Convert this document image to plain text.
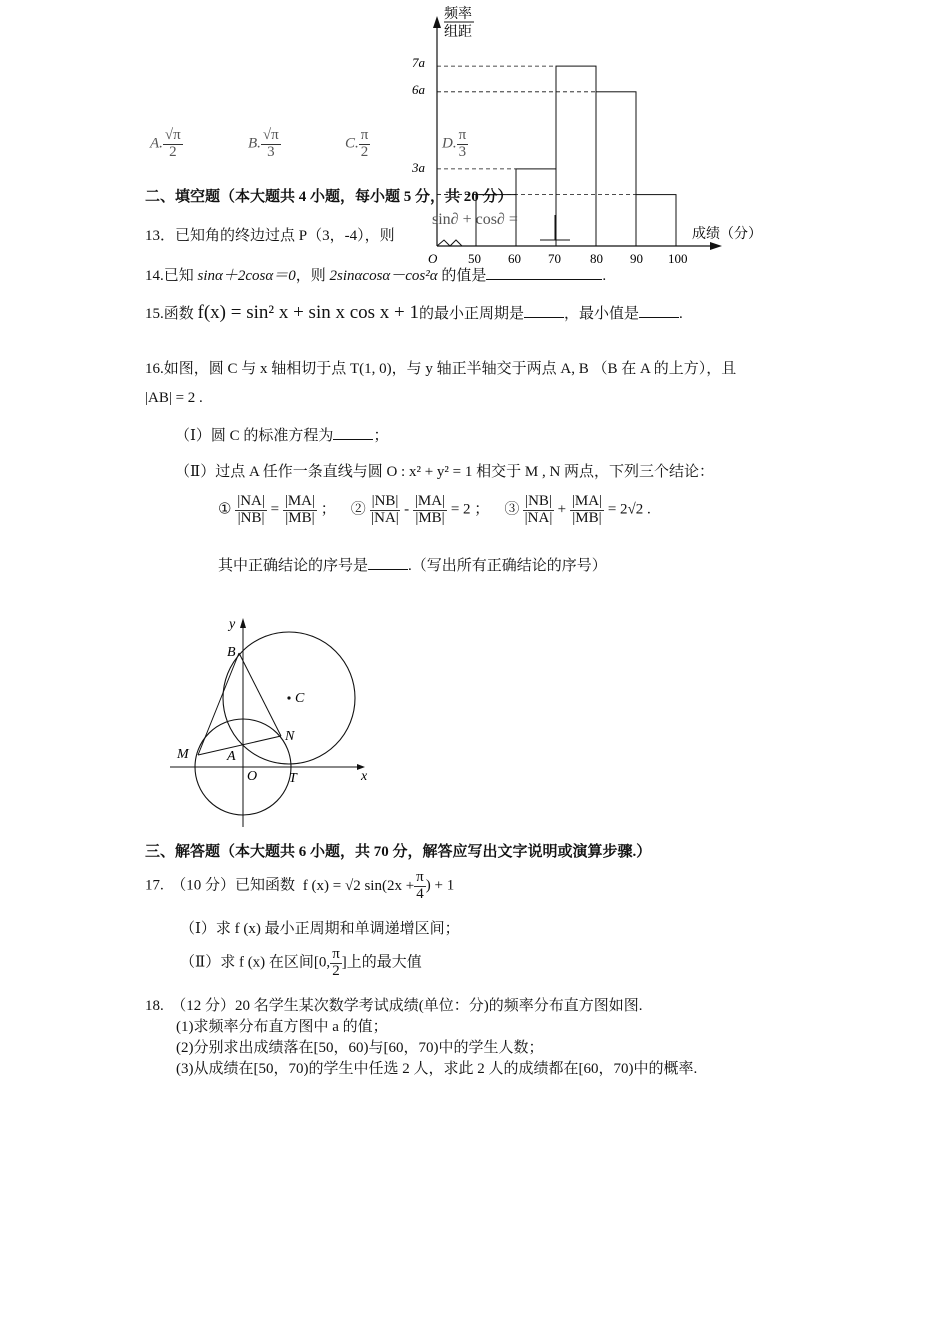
频率
组距
7a
6a
3a
O 50 60 70 80 90 100
成绩（分）
A. $\frac{√\pi}{2}$	B. $\frac{√\pi}{3}$	C. $\frac{\pi}{2}$	D. $\frac{\pi}{3}$
二、填空题（本大题共 4 小题，每小题 5 分，共 20 分）
13．已知角的终边过点 P（3，-4），则
sin∂ + cos∂ =
14.已知 sinα＋2cosα＝0，则 2sinαcosα－cos²α 的值是	.
15.函数 f(x) = sin² x + sin x cos x + 1的最小正周期是	，最小值是	.
16.如图，圆 C 与 x 轴相切于点 T(1, 0)，与 y 轴正半轴交于两点 A, B （B 在 A 的上方），且
|AB| = 2 .
（Ⅰ）圆 C 的标准方程为	；
（Ⅱ）过点 A 任作一条直线与圆 O : x² + y² = 1 相交于 M , N 两点，下列三个结论：
① $\frac{|NA|}{|NB|} = \frac{|MA|}{|MB|}$ ； ② $\frac{|NB|}{|NA|} - \frac{|MA|}{|MB|} = 2$ ； ③ $\frac{|NB|}{|NA|} + \frac{|MA|}{|MB|} = 2√2$ .
其中正确结论的序号是	.（写出所有正确结论的序号）
y
x
B
C
N
M	A
O T
三、解答题（本大题共 6 小题，共 70 分，解答应写出文字说明或演算步骤.）
17.　（10 分）已知函数 f (x) = √2 $\sin(2x + \frac{\pi}{4}$ ) + 1
（Ⅰ）求 f (x) 最小正周期和单调递增区间；
（Ⅱ）求 f (x) 在区间[0, $\frac{\pi}{2}$ ]上的最大值
18.　（12 分）20 名学生某次数学考试成绩(单位：分)的频率分布直方图如图.
(1)求频率分布直方图中 a 的值；
(2)分别求出成绩落在[50，60)与[60，70)中的学生人数；
(3)从成绩在[50，70)的学生中任选 2 人，求此 2 人的成绩都在[60，70)中的概率.
